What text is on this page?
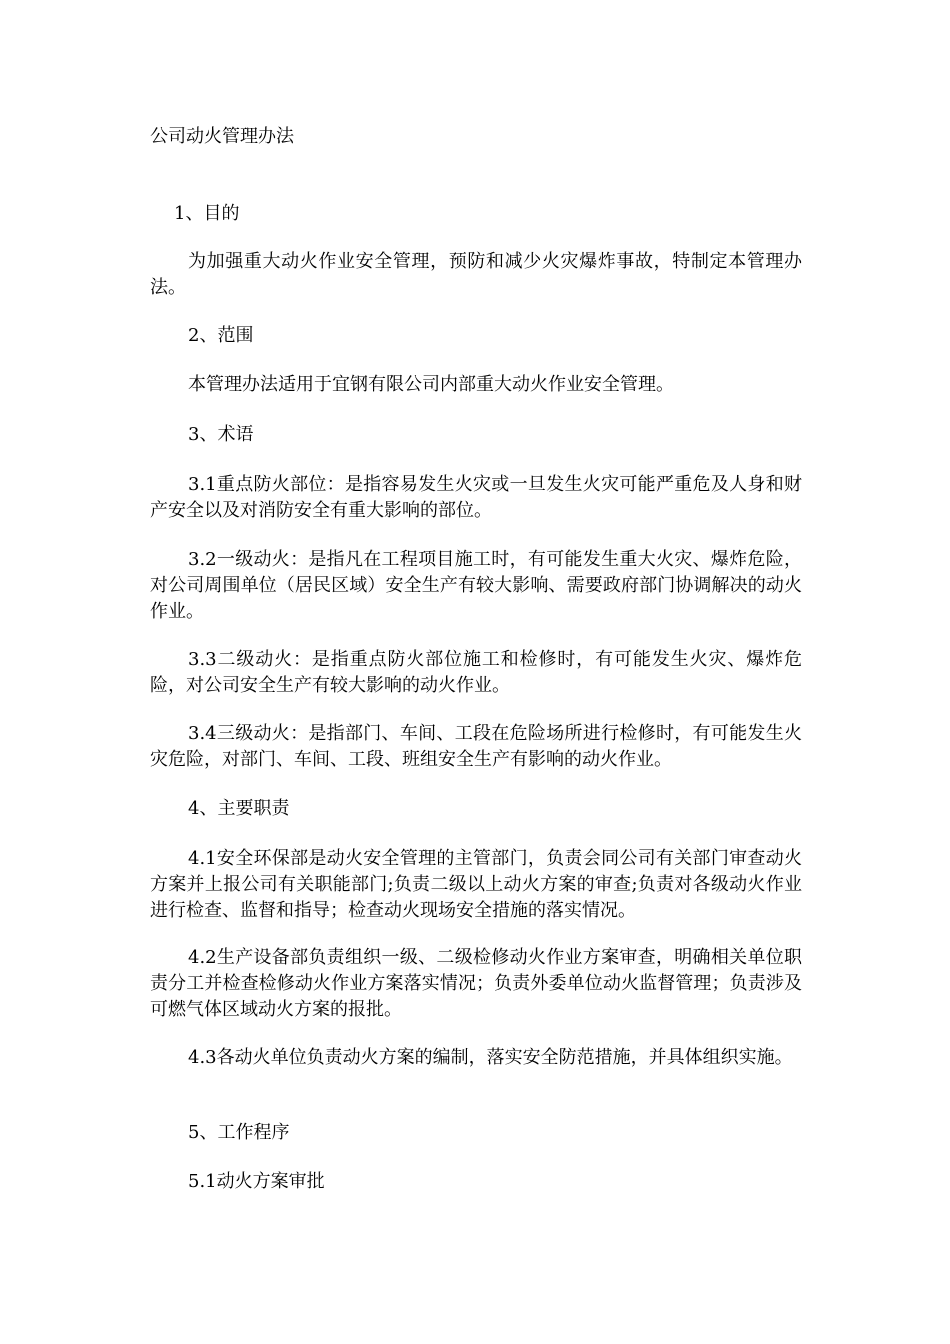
公司动火管理办法
1、目的

为加强重大动火作业安全管理，预防和减少火灾爆炸事故，特制定本管理办法。

2、范围

本管理办法适用于宜钢有限公司内部重大动火作业安全管理。

3、术语

3.1重点防火部位：是指容易发生火灾或一旦发生火灾可能严重危及人身和财产安全以及对消防安全有重大影响的部位。

3.2一级动火：是指凡在工程项目施工时，有可能发生重大火灾、爆炸危险，对公司周围单位（居民区域）安全生产有较大影响、需要政府部门协调解决的动火作业。

3.3二级动火：是指重点防火部位施工和检修时，有可能发生火灾、爆炸危险，对公司安全生产有较大影响的动火作业。

3.4三级动火：是指部门、车间、工段在危险场所进行检修时，有可能发生火灾危险，对部门、车间、工段、班组安全生产有影响的动火作业。

4、主要职责

4.1安全环保部是动火安全管理的主管部门，负责会同公司有关部门审查动火方案并上报公司有关职能部门;负责二级以上动火方案的审查;负责对各级动火作业进行检查、监督和指导；检查动火现场安全措施的落实情况。

4.2生产设备部负责组织一级、二级检修动火作业方案审查，明确相关单位职责分工并检查检修动火作业方案落实情况；负责外委单位动火监督管理；负责涉及可燃气体区域动火方案的报批。

4.3各动火单位负责动火方案的编制，落实安全防范措施，并具体组织实施。

5、工作程序
5.1动火方案审批
